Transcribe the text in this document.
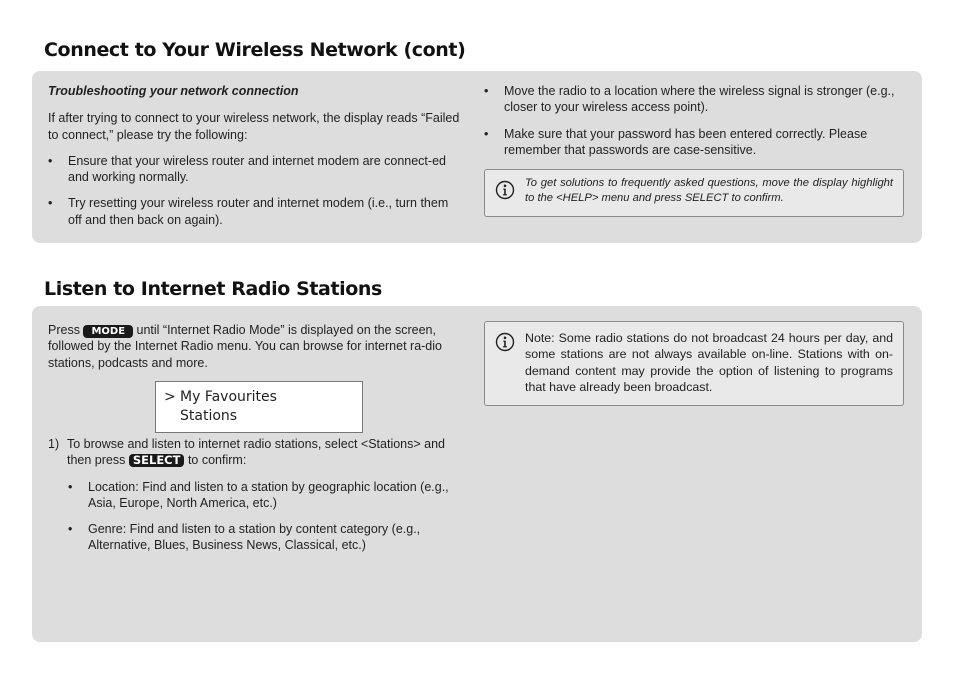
Connect to Your Wireless Network (cont)

Troubleshooting your network connection

If after trying to connect to your wireless network, the display reads “Failed to connect,” please try the following:

• Ensure that your wireless router and internet modem are connect-ed and working normally.
• Try resetting your wireless router and internet modem (i.e., turn them off and then back on again).
• Move the radio to a location where the wireless signal is stronger (e.g., closer to your wireless access point).
• Make sure that your password has been entered correctly. Please remember that passwords are case-sensitive.
To get solutions to frequently asked questions, move the display highlight to the <HELP> menu and press SELECT to confirm.
Listen to Internet Radio Stations

Press MODE until “Internet Radio Mode” is displayed on the screen, followed by the Internet Radio menu. You can browse for internet ra-dio stations, podcasts and more.

> My Favourites
Stations
1) To browse and listen to internet radio stations, select <Stations> and then press SELECT to confirm:
• Location: Find and listen to a station by geographic location (e.g., Asia, Europe, North America, etc.)
• Genre: Find and listen to a station by content category (e.g., Alternative, Blues, Business News, Classical, etc.)
Note: Some radio stations do not broadcast 24 hours per day, and some stations are not always available on-line. Stations with on-demand content may provide the option of listening to programs that have already been broadcast.
